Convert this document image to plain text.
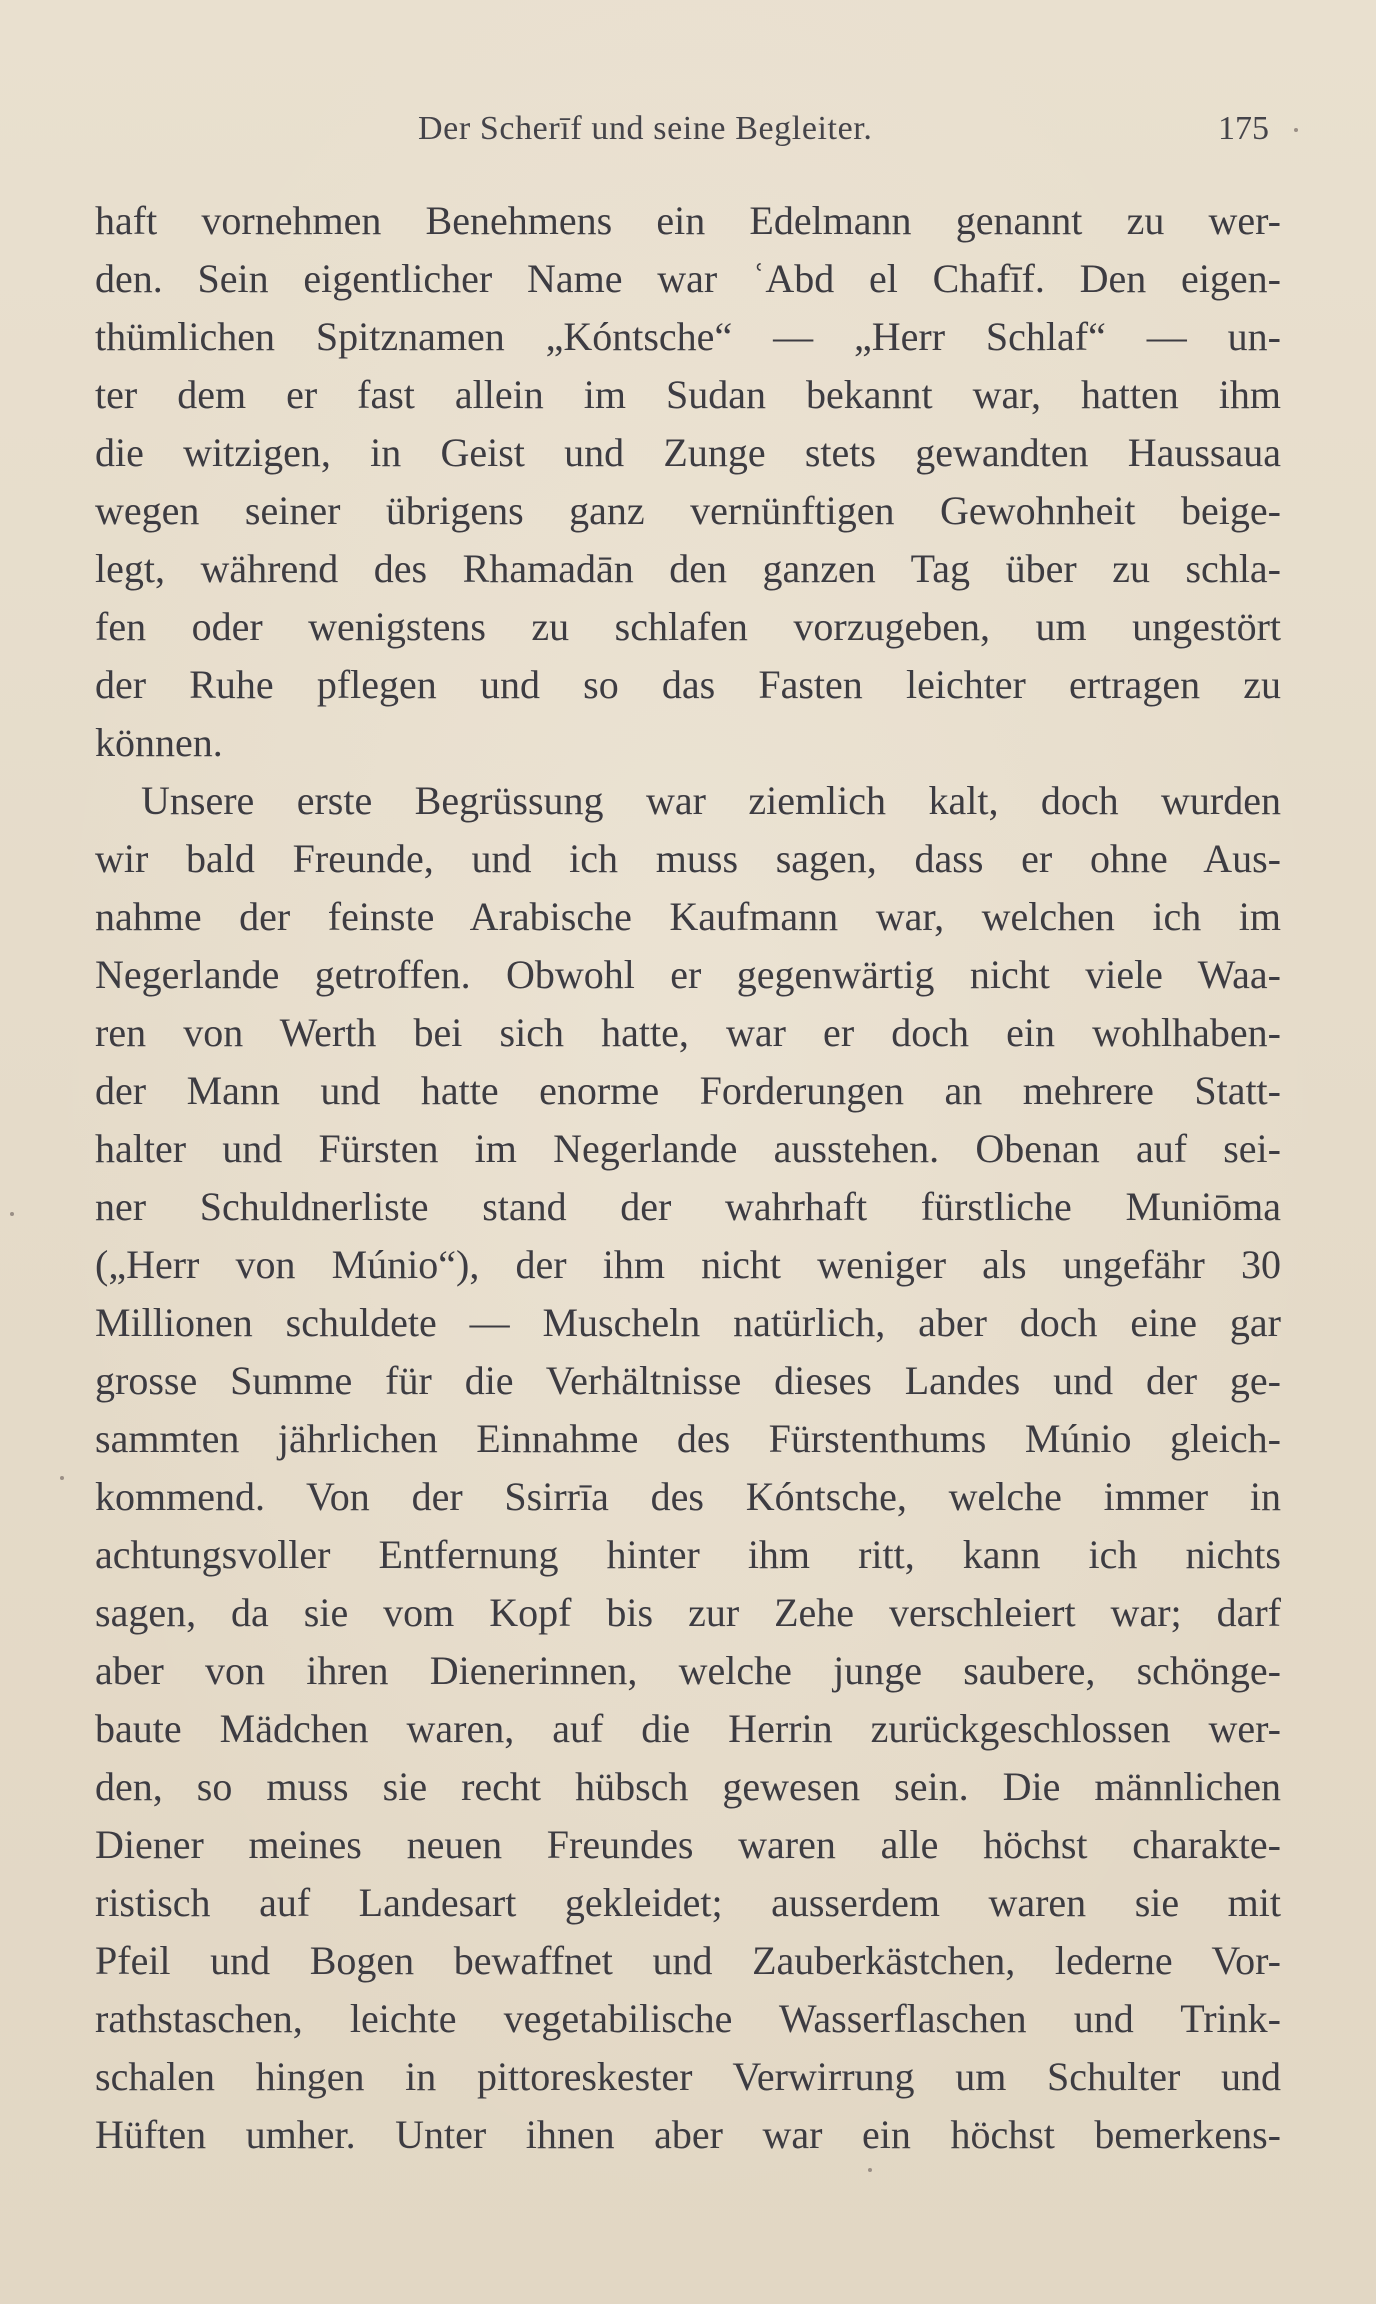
Der Scherīf und seine Begleiter.	175
haft vornehmen Benehmens ein Edelmann genannt zu wer-
den. Sein eigentlicher Name war ʿAbd el Chafīf. Den eigen-
thümlichen Spitznamen „Kóntsche“ — „Herr Schlaf“ — un-
ter dem er fast allein im Sudan bekannt war, hatten ihm
die witzigen, in Geist und Zunge stets gewandten Haussaua
wegen seiner übrigens ganz vernünftigen Gewohnheit beige-
legt, während des Rhamadān den ganzen Tag über zu schla-
fen oder wenigstens zu schlafen vorzugeben, um ungestört
der Ruhe pflegen und so das Fasten leichter ertragen zu
können.
Unsere erste Begrüssung war ziemlich kalt, doch wurden
wir bald Freunde, und ich muss sagen, dass er ohne Aus-
nahme der feinste Arabische Kaufmann war, welchen ich im
Negerlande getroffen. Obwohl er gegenwärtig nicht viele Waa-
ren von Werth bei sich hatte, war er doch ein wohlhaben-
der Mann und hatte enorme Forderungen an mehrere Statt-
halter und Fürsten im Negerlande ausstehen. Obenan auf sei-
ner Schuldnerliste stand der wahrhaft fürstliche Muniōma
(„Herr von Múnio“), der ihm nicht weniger als ungefähr 30
Millionen schuldete — Muscheln natürlich, aber doch eine gar
grosse Summe für die Verhältnisse dieses Landes und der ge-
sammten jährlichen Einnahme des Fürstenthums Múnio gleich-
kommend. Von der Ssirrīa des Kóntsche, welche immer in
achtungsvoller Entfernung hinter ihm ritt, kann ich nichts
sagen, da sie vom Kopf bis zur Zehe verschleiert war; darf
aber von ihren Dienerinnen, welche junge saubere, schönge-
baute Mädchen waren, auf die Herrin zurückgeschlossen wer-
den, so muss sie recht hübsch gewesen sein. Die männlichen
Diener meines neuen Freundes waren alle höchst charakte-
ristisch auf Landesart gekleidet; ausserdem waren sie mit
Pfeil und Bogen bewaffnet und Zauberkästchen, lederne Vor-
rathstaschen, leichte vegetabilische Wasserflaschen und Trink-
schalen hingen in pittoreskester Verwirrung um Schulter und
Hüften umher. Unter ihnen aber war ein höchst bemerkens-
